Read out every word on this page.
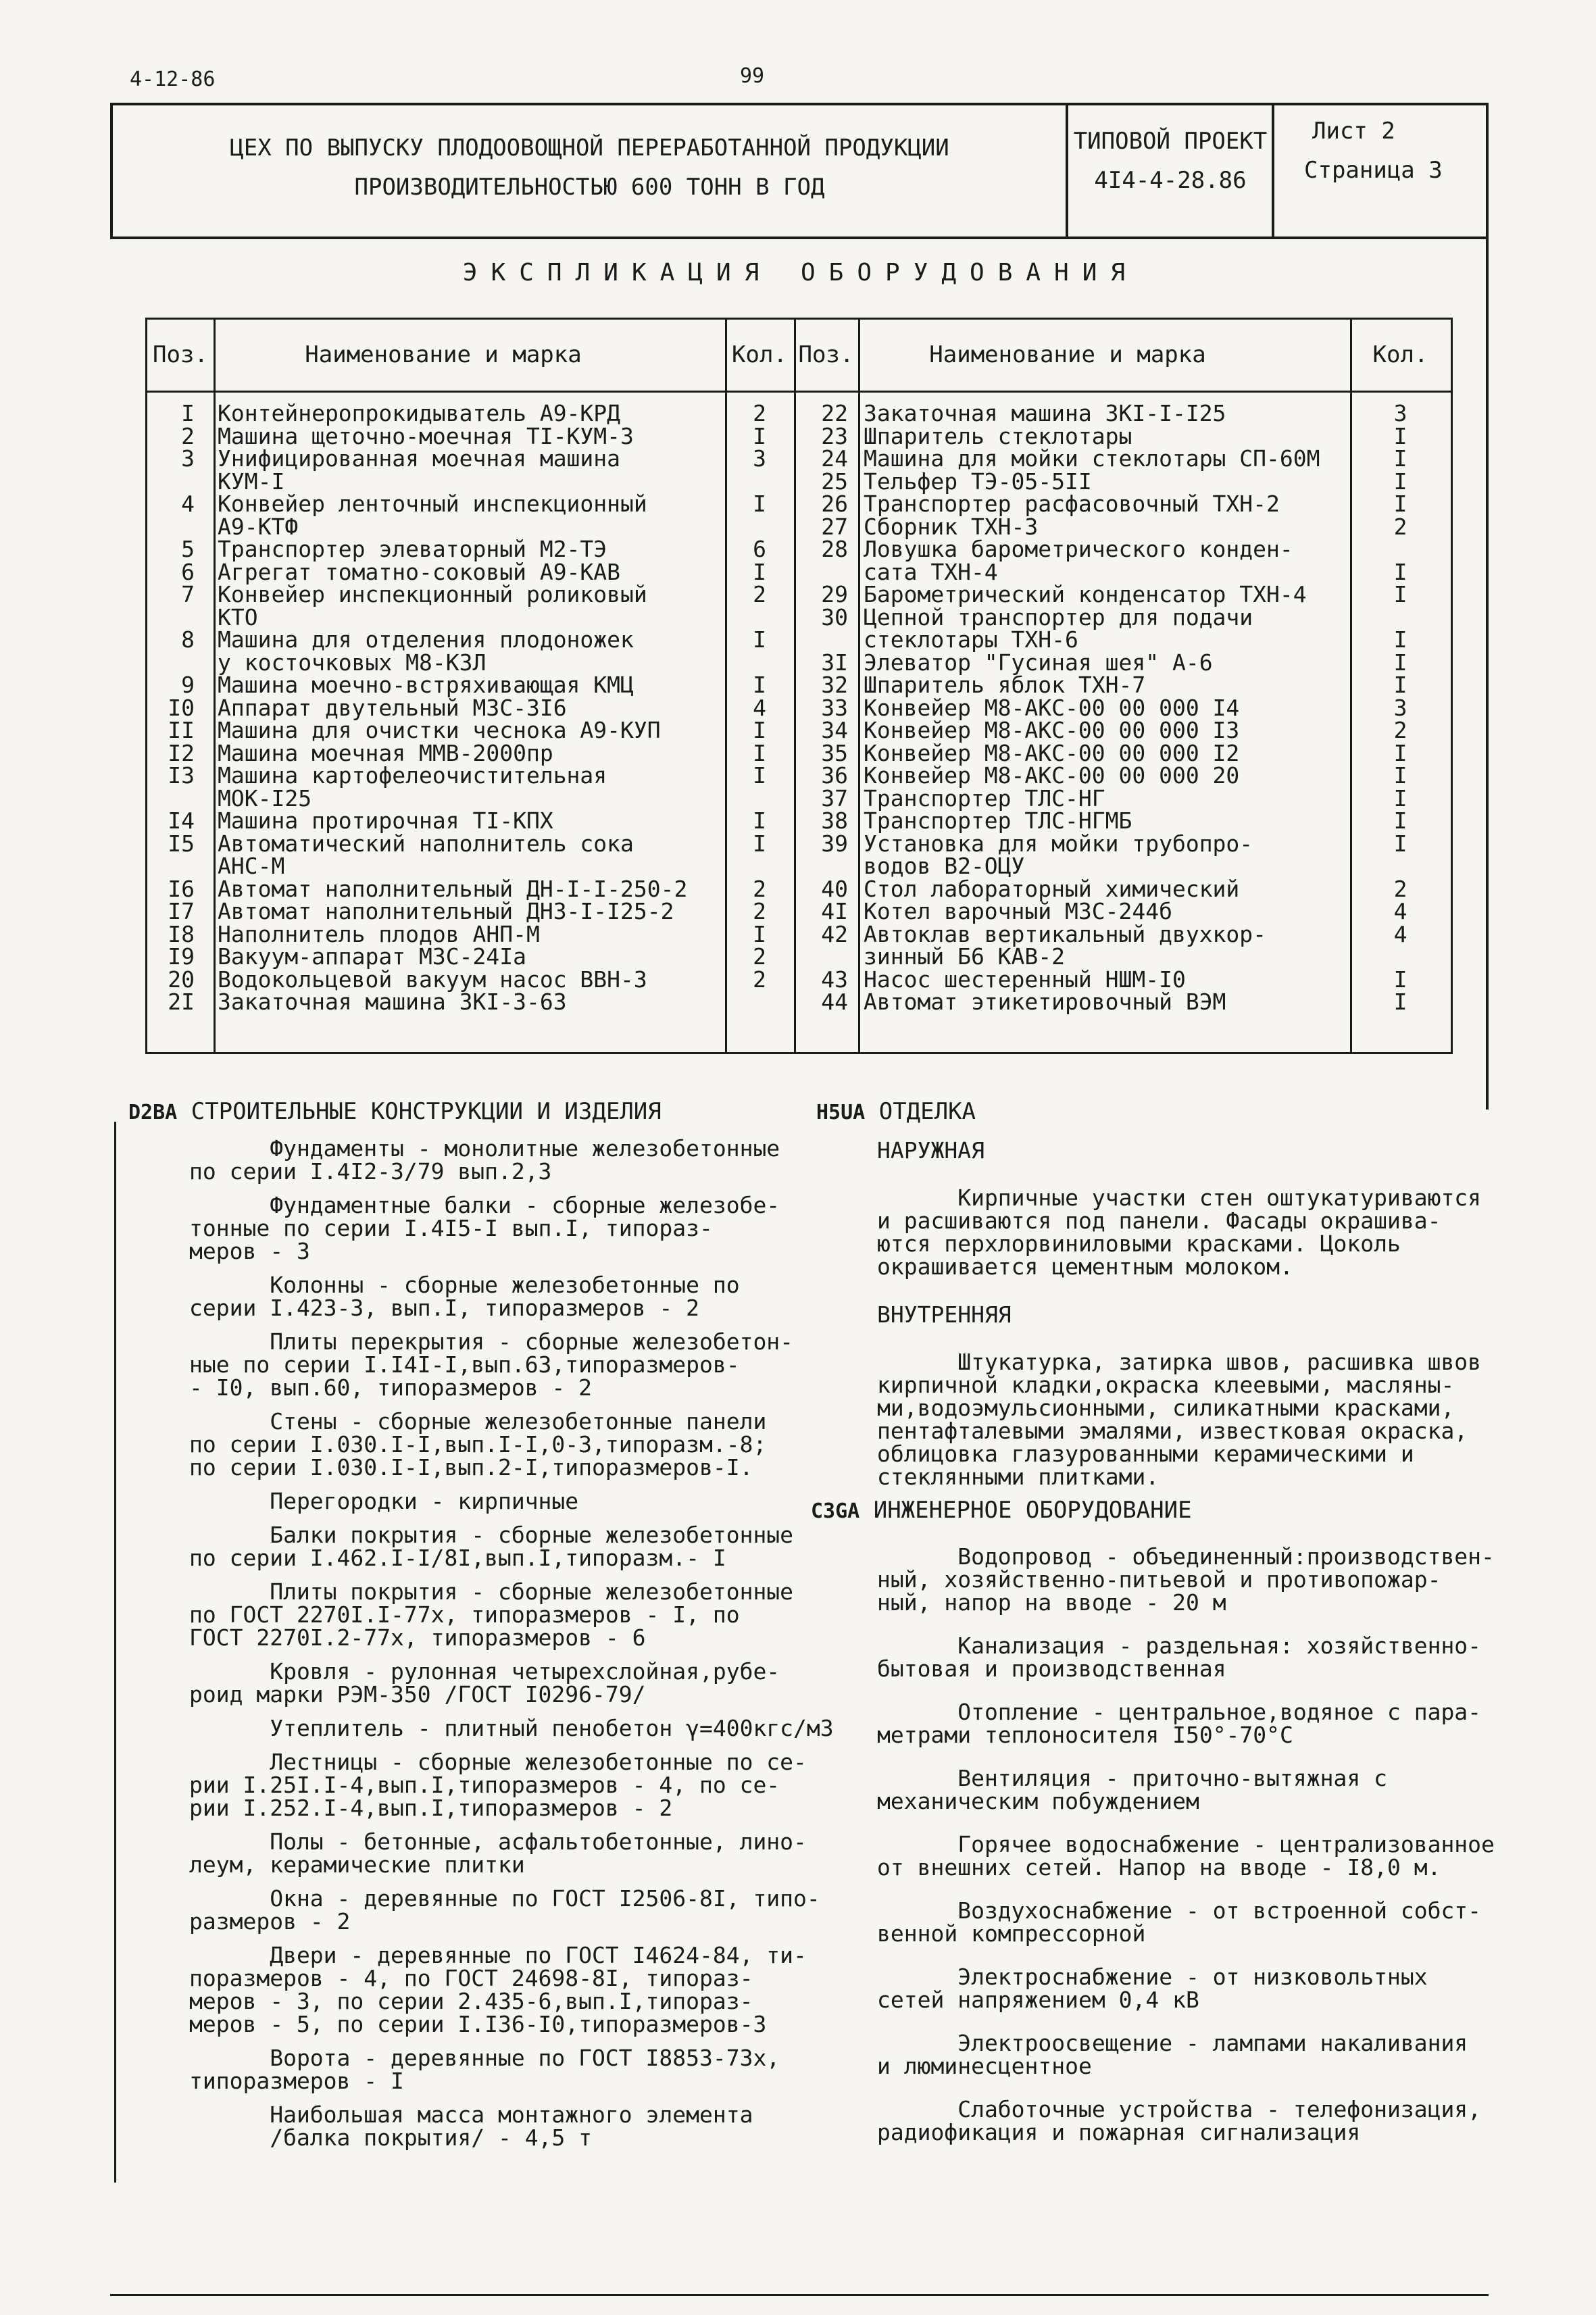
4-12-86	99
ЦЕХ ПО ВЫПУСКУ ПЛОДООВОЩНОЙ ПЕРЕРАБОТАННОЙ ПРОДУКЦИИ
ПРОИЗВОДИТЕЛЬНОСТЬЮ 600 ТОНН В ГОД
ТИПОВОЙ ПРОЕКТ
4I4-4-28.86
Лист 2
Страница 3
ЭКСПЛИКАЦИЯ ОБОРУДОВАНИЯ
Поз.	Наименование и марка	Кол. Поз.	Наименование и марка	Кол.
I Контейнеропрокидыватель А9-КРД	2
2 Машина щеточно-моечная ТI-КУМ-3	I
3 Унифицированная моечная машина	3
КУМ-I
4 Конвейер ленточный инспекционный	I
А9-КТФ
5 Транспортер элеваторный М2-ТЭ	6
6 Агрегат томатно-соковый А9-КАВ	I
7 Конвейер инспекционный роликовый	2
КТО
8 Машина для отделения плодоножек	I
у косточковых М8-КЗЛ
9 Машина моечно-встряхивающая КМЦ	I
I0 Аппарат двутельный МЗС-3I6	4
II Машина для очистки чеснока А9-КУП	I
I2 Машина моечная ММВ-2000пр	I
I3 Машина картофелеочистительная	I
МОК-I25
I4 Машина протирочная ТI-КПХ	I
I5 Автоматический наполнитель сока	I
АНС-М
I6 Автомат наполнительный ДН-I-I-250-2	2
I7 Автомат наполнительный ДНЗ-I-I25-2	2
I8 Наполнитель плодов АНП-М	I
I9 Вакуум-аппарат МЗС-24Iа	2
20 Водокольцевой вакуум насос ВВН-3	2
2I Закаточная машина ЗКI-3-63
22 Закаточная машина ЗКI-I-I25	3
23 Шпаритель стеклотары	I
24 Машина для мойки стеклотары СП-60М	I
25 Тельфер ТЭ-05-5II	I
26 Транспортер расфасовочный ТХН-2	I
27 Сборник ТХН-3	2
28 Ловушка барометрического конден-
сата ТХН-4	I
29 Барометрический конденсатор ТХН-4	I
30 Цепной транспортер для подачи
стеклотары ТХН-6	I
3I Элеватор "Гусиная шея" А-6	I
32 Шпаритель яблок ТХН-7	I
33 Конвейер М8-АКС-00 00 000 I4	3
34 Конвейер М8-АКС-00 00 000 I3	2
35 Конвейер М8-АКС-00 00 000 I2	I
36 Конвейер М8-АКС-00 00 000 20	I
37 Транспортер ТЛС-НГ	I
38 Транспортер ТЛС-НГМБ	I
39 Установка для мойки трубопро-	I
водов В2-ОЦУ
40 Стол лабораторный химический	2
4I Котел варочный МЗС-244б	4
42 Автоклав вертикальный двухкор-	4
зинный Б6 КАВ-2
43 Насос шестеренный НШМ-I0	I
44 Автомат этикетировочный ВЭМ	I
D2BA СТРОИТЕЛЬНЫЕ КОНСТРУКЦИИ И ИЗДЕЛИЯ
Фундаменты - монолитные железобетонные
по серии I.4I2-3/79 вып.2,3
Фундаментные балки - сборные железобе-
тонные по серии I.4I5-I вып.I, типораз-
меров - 3
Колонны - сборные железобетонные по
серии I.423-3, вып.I, типоразмеров - 2
Плиты перекрытия - сборные железобетон-
ные по серии I.I4I-I,вып.63,типоразмеров-
- I0, вып.60, типоразмеров - 2
Стены - сборные железобетонные панели
по серии I.030.I-I,вып.I-I,0-3,типоразм.-8;
по серии I.030.I-I,вып.2-I,типоразмеров-I.
Перегородки - кирпичные
Балки покрытия - сборные железобетонные
по серии I.462.I-I/8I,вып.I,типоразм.- I
Плиты покрытия - сборные железобетонные
по ГОСТ 2270I.I-77х, типоразмеров - I, по
ГОСТ 2270I.2-77х, типоразмеров - 6
Кровля - рулонная четырехслойная,рубе-
роид марки РЭМ-350 /ГОСТ I0296-79/
Утеплитель - плитный пенобетон γ=400кгс/м3
Лестницы - сборные железобетонные по се-
рии I.25I.I-4,вып.I,типоразмеров - 4, по се-
рии I.252.I-4,вып.I,типоразмеров - 2
Полы - бетонные, асфальтобетонные, лино-
леум, керамические плитки
Окна - деревянные по ГОСТ I2506-8I, типо-
размеров - 2
Двери - деревянные по ГОСТ I4624-84, ти-
поразмеров - 4, по ГОСТ 24698-8I, типораз-
меров - 3, по серии 2.435-6,вып.I,типораз-
меров - 5, по серии I.I36-I0,типоразмеров-3
Ворота - деревянные по ГОСТ I8853-73х,
типоразмеров - I
Наибольшая масса монтажного элемента
/балка покрытия/ - 4,5 т
H5UA ОТДЕЛКА
НАРУЖНАЯ
Кирпичные участки стен оштукатуриваются
и расшиваются под панели. Фасады окрашива-
ются перхлорвиниловыми красками. Цоколь
окрашивается цементным молоком.
ВНУТРЕННЯЯ
Штукатурка, затирка швов, расшивка швов
кирпичной кладки,окраска клеевыми, масляны-
ми,водоэмульсионными, силикатными красками,
пентафталевыми эмалями, известковая окраска,
облицовка глазурованными керамическими и
стеклянными плитками.
C3GA ИНЖЕНЕРНОЕ ОБОРУДОВАНИЕ
Водопровод - объединенный:производствен-
ный, хозяйственно-питьевой и противопожар-
ный, напор на вводе - 20 м
Канализация - раздельная: хозяйственно-
бытовая и производственная
Отопление - центральное,водяное с пара-
метрами теплоносителя I50°-70°С
Вентиляция - приточно-вытяжная с
механическим побуждением
Горячее водоснабжение - централизованное
от внешних сетей. Напор на вводе - I8,0 м.
Воздухоснабжение - от встроенной собст-
венной компрессорной
Электроснабжение - от низковольтных
сетей напряжением 0,4 кВ
Электроосвещение - лампами накаливания
и люминесцентное
Слаботочные устройства - телефонизация,
радиофикация и пожарная сигнализация
